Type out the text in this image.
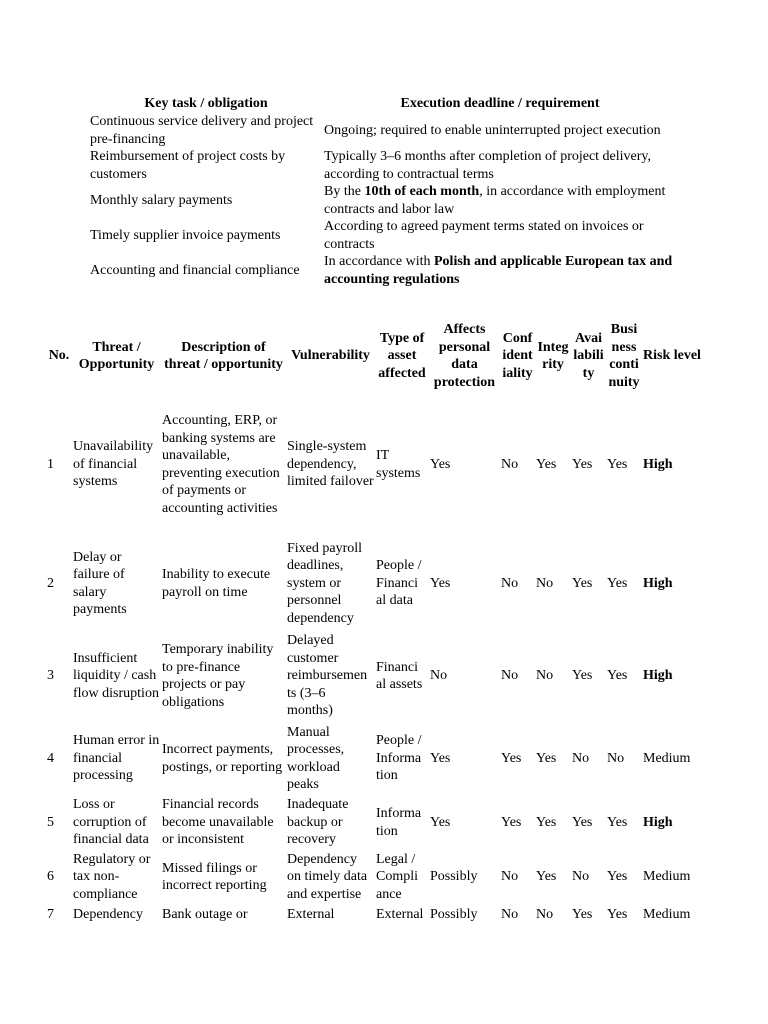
Key task / obligation	Execution deadline / requirement
Continuous service delivery and project pre-financing	Ongoing; required to enable uninterrupted project execution
Reimbursement of project costs by customers	Typically 3–6 months after completion of project delivery, according to contractual terms
Monthly salary payments	By the 10th of each month, in accordance with employment contracts and labor law
Timely supplier invoice payments	According to agreed payment terms stated on invoices or contracts
Accounting and financial compliance	In accordance with Polish and applicable European tax and accounting regulations
No.	Threat / Opportunity	Description of threat / opportunity	Vulnerability	Type of asset affected	Affects personal data protection	Conf ident iality	Integ rity	Avai labili ty	Busi ness conti nuity	Risk level
1	Unavailability of financial systems	Accounting, ERP, or banking systems are unavailable, preventing execution of payments or accounting activities	Single-system dependency, limited failover	IT systems	Yes	No	Yes	Yes	Yes	High
2	Delay or failure of salary payments	Inability to execute payroll on time	Fixed payroll deadlines, system or personnel dependency	People / Financi al data	Yes	No	No	Yes	Yes	High
3	Insufficient liquidity / cash flow disruption	Temporary inability to pre-finance projects or pay obligations	Delayed customer reimbursemen ts (3–6 months)	Financi al assets	No	No	No	Yes	Yes	High
4	Human error in financial processing	Incorrect payments, postings, or reporting	Manual processes, workload peaks	People / Informa tion	Yes	Yes	Yes	No	No	Medium
5	Loss or corruption of financial data	Financial records become unavailable or inconsistent	Inadequate backup or recovery	Informa tion	Yes	Yes	Yes	Yes	Yes	High
6	Regulatory or tax non-compliance	Missed filings or incorrect reporting	Dependency on timely data and expertise	Legal / Compli ance	Possibly	No	Yes	No	Yes	Medium
7	Dependency	Bank outage or	External	External	Possibly	No	No	Yes	Yes	Medium
